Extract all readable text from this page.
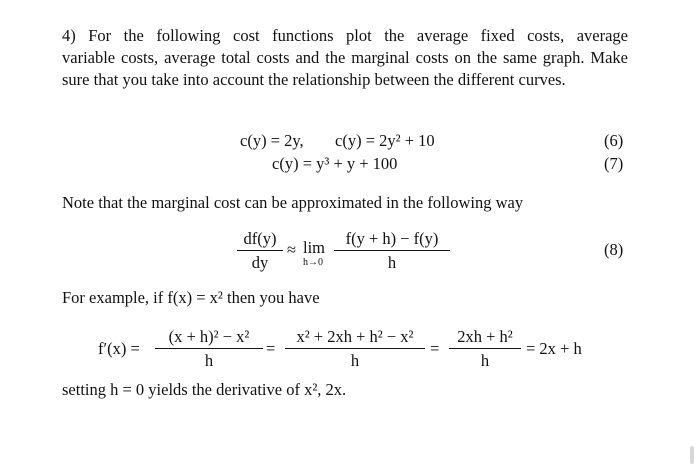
4) For the following cost functions plot the average fixed costs, average
variable costs, average total costs and the marginal costs on the same graph. Make sure that you take into account the relationship between the different curves.
c(y) = 2y, c(y) = 2y² + 10	(6)
c(y) = y³ + y + 100	(7)
Note that the marginal cost can be approximated in the following way
df(y)
dy
≈ lim
h→0
f(y + h) − f(y)
h
(8)
For example, if f(x) = x² then you have
f′(x) =
(x + h)² − x²
h
=
x² + 2xh + h² − x²
h
=
2xh + h²
h
= 2x + h
setting h = 0 yields the derivative of x², 2x.
